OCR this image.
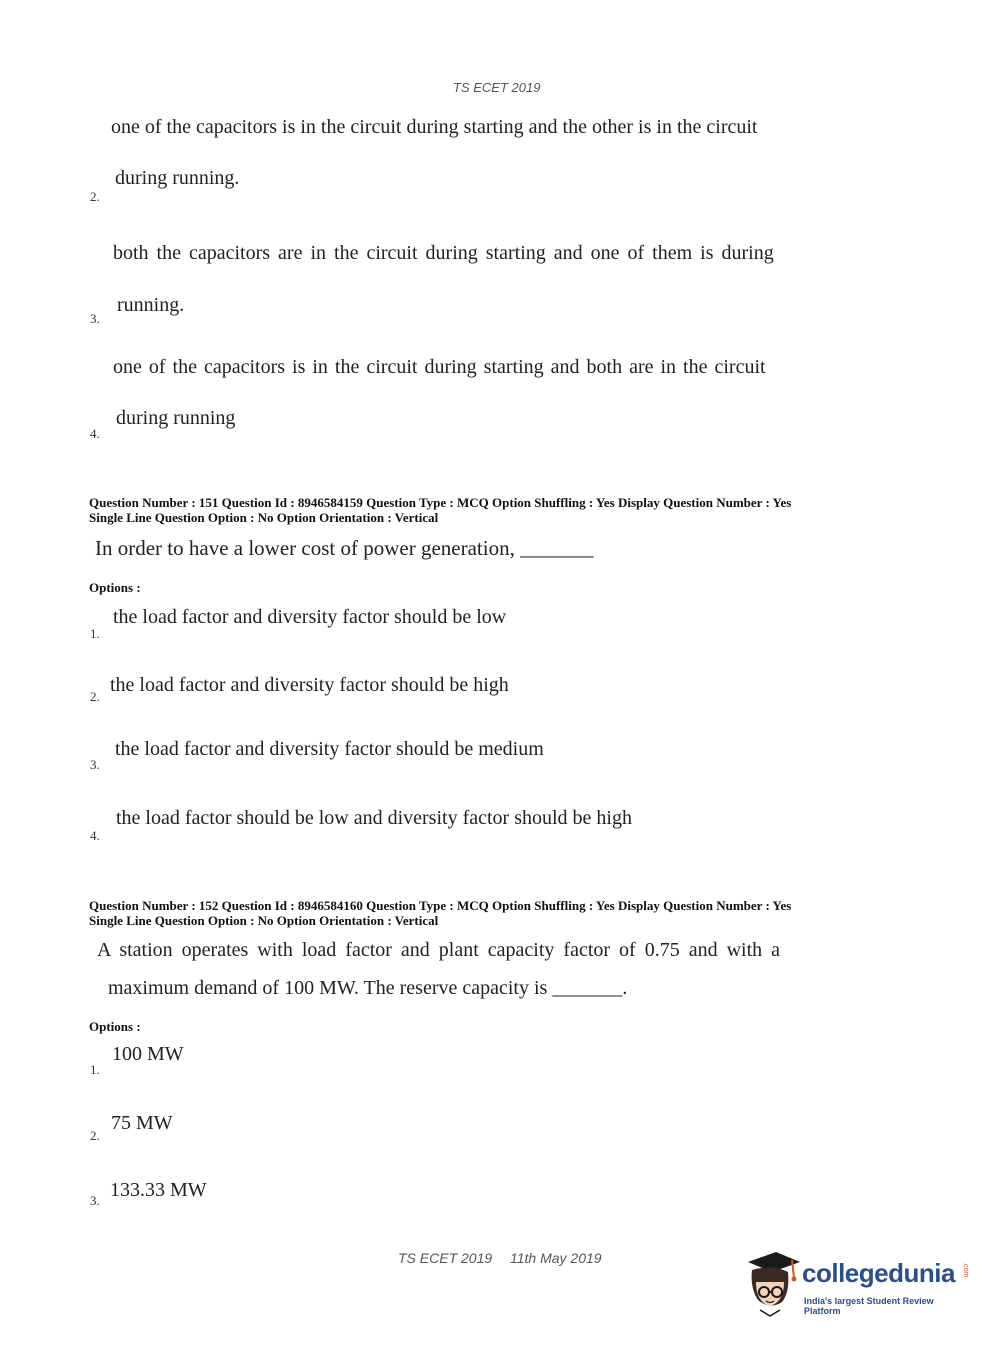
TS ECET 2019
one of the capacitors is in the circuit during starting and the other is in the circuit
during running.
2.
both the capacitors are in the circuit during starting and one of them is during
running.
3.
one of the capacitors is in the circuit during starting and both are in the circuit
during running
4.
Question Number : 151 Question Id : 8946584159 Question Type : MCQ Option Shuffling : Yes Display Question Number : Yes
Single Line Question Option : No Option Orientation : Vertical
In order to have a lower cost of power generation, _______
Options :
the load factor and diversity factor should be low
1.
the load factor and diversity factor should be high
2.
the load factor and diversity factor should be medium
3.
the load factor should be low and diversity factor should be high
4.
Question Number : 152 Question Id : 8946584160 Question Type : MCQ Option Shuffling : Yes Display Question Number : Yes
Single Line Question Option : No Option Orientation : Vertical
A station operates with load factor and plant capacity factor of 0.75 and with a
maximum demand of 100 MW. The reserve capacity is _______.
Options :
100 MW
1.
75 MW
2.
133.33 MW
3.
TS ECET 2019 11th May 2019	collegedunia .com
India's largest Student Review Platform
